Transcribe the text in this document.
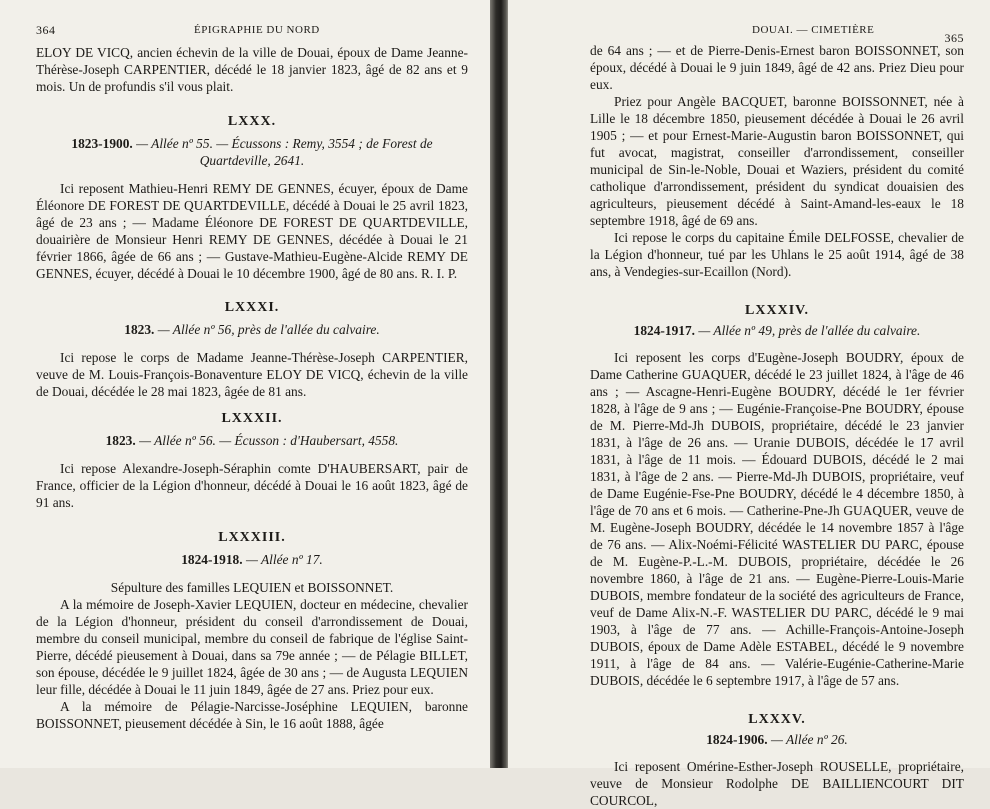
364	ÉPIGRAPHIE DU NORD

ELOY DE VICQ, ancien échevin de la ville de Douai, époux de Dame Jeanne-Thérèse-Joseph CARPENTIER, décédé le 18 janvier 1823, âgé de 82 ans et 9 mois. Un de profundis s'il vous plait.

LXXX.
1823-1900. — Allée nº 55. — Écussons : Remy, 3554 ; de Forest de Quartdeville, 2641.

Ici reposent Mathieu-Henri REMY DE GENNES, écuyer, époux de Dame Éléonore DE FOREST DE QUARTDEVILLE, décédé à Douai le 25 avril 1823, âgé de 23 ans ; — Madame Éléonore DE FOREST DE QUARTDEVILLE, douairière de Monsieur Henri REMY DE GENNES, décédée à Douai le 21 février 1866, âgée de 66 ans ; — Gustave-Mathieu-Eugène-Alcide REMY DE GENNES, écuyer, décédé à Douai le 10 décembre 1900, âgé de 80 ans. R. I. P.

LXXXI.
1823. — Allée nº 56, près de l'allée du calvaire.

Ici repose le corps de Madame Jeanne-Thérèse-Joseph CARPENTIER, veuve de M. Louis-François-Bonaventure ELOY DE VICQ, échevin de la ville de Douai, décédée le 28 mai 1823, âgée de 81 ans.

LXXXII.
1823. — Allée nº 56. — Écusson : d'Haubersart, 4558.

Ici repose Alexandre-Joseph-Séraphin comte D'HAUBERSART, pair de France, officier de la Légion d'honneur, décédé à Douai le 16 août 1823, âgé de 91 ans.

LXXXIII.
1824-1918. — Allée nº 17.
Sépulture des familles LEQUIEN et BOISSONNET.

A la mémoire de Joseph-Xavier LEQUIEN, docteur en médecine, chevalier de la Légion d'honneur, président du conseil d'arrondissement de Douai, membre du conseil municipal, membre du conseil de fabrique de l'église Saint-Pierre, décédé pieusement à Douai, dans sa 79e année ; — de Pélagie BILLET, son épouse, décédée le 9 juillet 1824, âgée de 30 ans ; — de Augusta LEQUIEN leur fille, décédée à Douai le 11 juin 1849, âgée de 27 ans. Priez pour eux.

A la mémoire de Pélagie-Narcisse-Joséphine LEQUIEN, baronne BOISSONNET, pieusement décédée à Sin, le 16 août 1888, âgée

DOUAI. — CIMETIÈRE
365

de 64 ans ; — et de Pierre-Denis-Ernest baron BOISSONNET, son époux, décédé à Douai le 9 juin 1849, âgé de 42 ans. Priez Dieu pour eux.

Priez pour Angèle BACQUET, baronne BOISSONNET, née à Lille le 18 décembre 1850, pieusement décédée à Douai le 26 avril 1905 ; — et pour Ernest-Marie-Augustin baron BOISSONNET, qui fut avocat, magistrat, conseiller d'arrondissement, conseiller municipal de Sin-le-Noble, Douai et Waziers, président du comité catholique d'arrondissement, président du syndicat douaisien des agriculteurs, pieusement décédé à Saint-Amand-les-eaux le 18 septembre 1918, âgé de 69 ans.

Ici repose le corps du capitaine Émile DELFOSSE, chevalier de la Légion d'honneur, tué par les Uhlans le 25 août 1914, âgé de 38 ans, à Vendegies-sur-Ecaillon (Nord).

LXXXIV.
1824-1917. — Allée nº 49, près de l'allée du calvaire.

Ici reposent les corps d'Eugène-Joseph BOUDRY, époux de Dame Catherine GUAQUER, décédé le 23 juillet 1824, à l'âge de 46 ans ; — Ascagne-Henri-Eugène BOUDRY, décédé le 1er février 1828, à l'âge de 9 ans ; — Eugénie-Françoise-Pne BOUDRY, épouse de M. Pierre-Md-Jh DUBOIS, propriétaire, décédé le 23 janvier 1831, à l'âge de 26 ans. — Uranie DUBOIS, décédée le 17 avril 1831, à l'âge de 11 mois. — Édouard DUBOIS, décédé le 2 mai 1831, à l'âge de 2 ans. — Pierre-Md-Jh DUBOIS, propriétaire, veuf de Dame Eugénie-Fse-Pne BOUDRY, décédé le 4 décembre 1850, à l'âge de 70 ans et 6 mois. — Catherine-Pne-Jh GUAQUER, veuve de M. Eugène-Joseph BOUDRY, décédée le 14 novembre 1857 à l'âge de 76 ans. — Alix-Noémi-Félicité WASTELIER DU PARC, épouse de M. Eugène-P.-L.-M. DUBOIS, propriétaire, décédée le 26 novembre 1860, à l'âge de 21 ans. — Eugène-Pierre-Louis-Marie DUBOIS, membre fondateur de la société des agriculteurs de France, veuf de Dame Alix-N.-F. WASTELIER DU PARC, décédé le 9 mai 1903, à l'âge de 77 ans. — Achille-François-Antoine-Joseph DUBOIS, époux de Dame Adèle ESTABEL, décédé le 9 novembre 1911, à l'âge de 84 ans. — Valérie-Eugénie-Catherine-Marie DUBOIS, décédée le 6 septembre 1917, à l'âge de 57 ans.

LXXXV.
1824-1906. — Allée nº 26.

Ici reposent Omérine-Esther-Joseph ROUSELLE, propriétaire, veuve de Monsieur Rodolphe DE BAILLIENCOURT DIT COURCOL,
